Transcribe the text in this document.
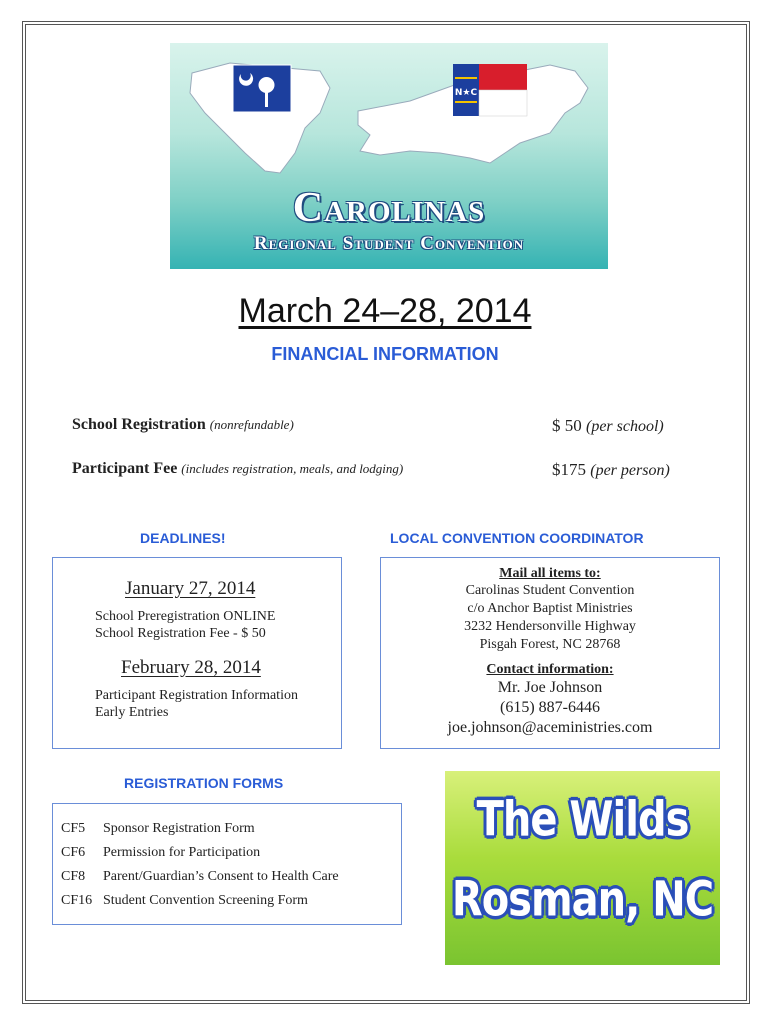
N★C
Carolinas
Regional Student Convention
March 24–28, 2014
FINANCIAL INFORMATION
School Registration (nonrefundable)	$ 50 (per school)
Participant Fee (includes registration, meals, and lodging)	$175 (per person)
DEADLINES!
January 27, 2014
School Preregistration ONLINE
School Registration Fee - $ 50
February 28, 2014
Participant Registration Information
Early Entries
LOCAL CONVENTION COORDINATOR
Mail all items to:
Carolinas Student Convention
c/o Anchor Baptist Ministries
3232 Hendersonville Highway
Pisgah Forest, NC 28768
Contact information:
Mr. Joe Johnson
(615) 887-6446
joe.johnson@aceministries.com
REGISTRATION FORMS
CF5 Sponsor Registration Form
CF6 Permission for Participation
CF8 Parent/Guardian’s Consent to Health Care
CF16 Student Convention Screening Form
The Wilds
Rosman, NC
